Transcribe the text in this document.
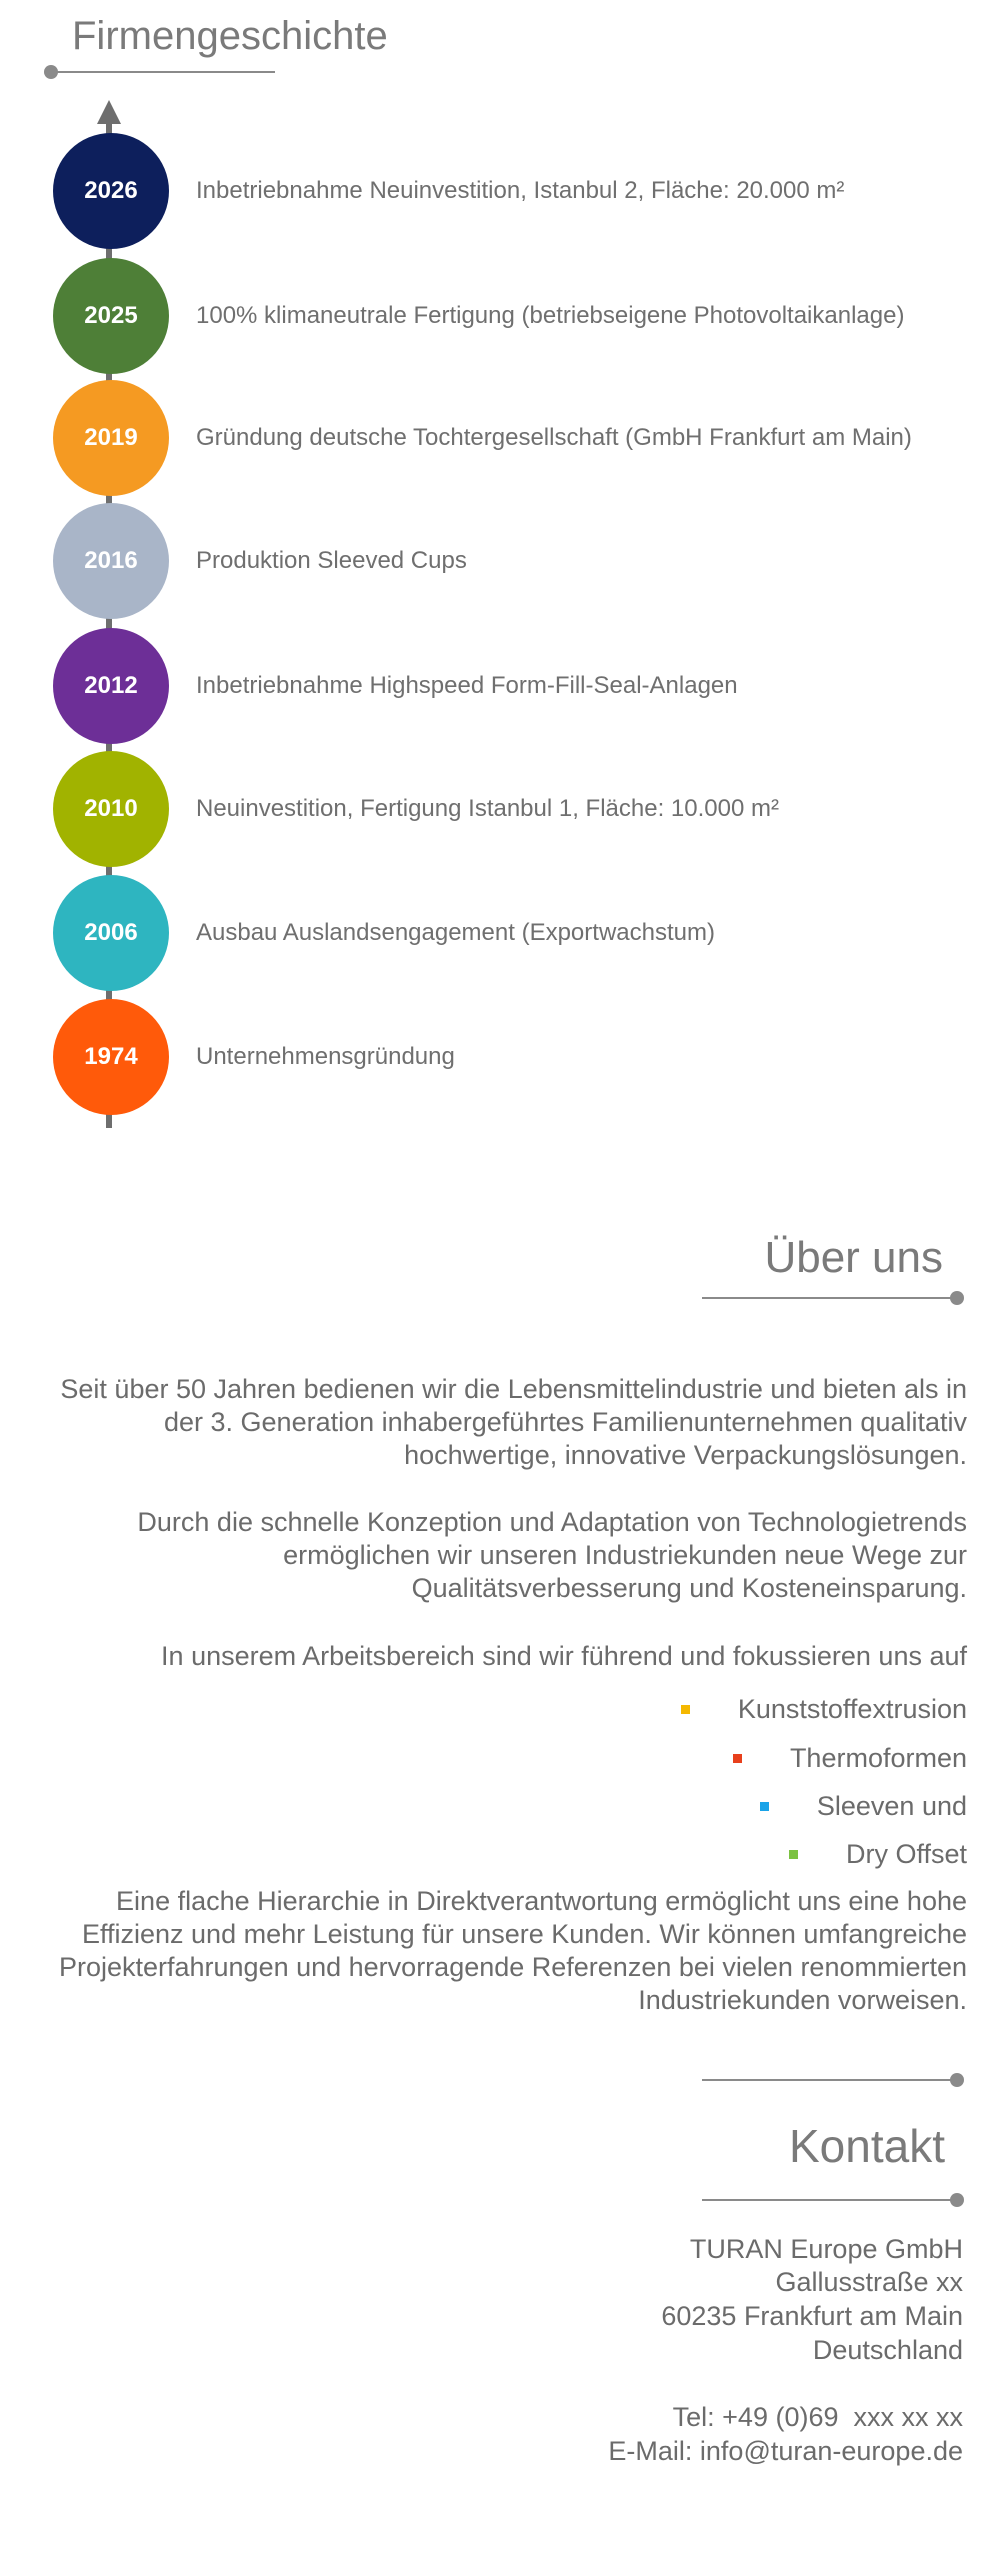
Firmengeschichte
2026	Inbetriebnahme Neuinvestition, Istanbul 2, Fläche: 20.000 m²
2025	100% klimaneutrale Fertigung (betriebseigene Photovoltaikanlage)
2019	Gründung deutsche Tochtergesellschaft (GmbH Frankfurt am Main)
2016	Produktion Sleeved Cups
2012	Inbetriebnahme Highspeed Form-Fill-Seal-Anlagen
2010	Neuinvestition, Fertigung Istanbul 1, Fläche: 10.000 m²
2006	Ausbau Auslandsengagement (Exportwachstum)
1974	Unternehmensgründung
Über uns
Seit über 50 Jahren bedienen wir die Lebensmittelindustrie und bieten als in der 3. Generation inhabergeführtes Familienunternehmen qualitativ hochwertige, innovative Verpackungslösungen.
Durch die schnelle Konzeption und Adaptation von Technologietrends ermöglichen wir unseren Industriekunden neue Wege zur Qualitätsverbesserung und Kosteneinsparung.
In unserem Arbeitsbereich sind wir führend und fokussieren uns auf
Kunststoffextrusion
Thermoformen
Sleeven und
Dry Offset
Eine flache Hierarchie in Direktverantwortung ermöglicht uns eine hohe Effizienz und mehr Leistung für unsere Kunden. Wir können umfangreiche Projekterfahrungen und hervorragende Referenzen bei vielen renommierten Industriekunden vorweisen.
Kontakt
TURAN Europe GmbH
Gallusstraße xx
60235 Frankfurt am Main
Deutschland
Tel: +49 (0)69  xxx xx xx
E-Mail: info@turan-europe.de
